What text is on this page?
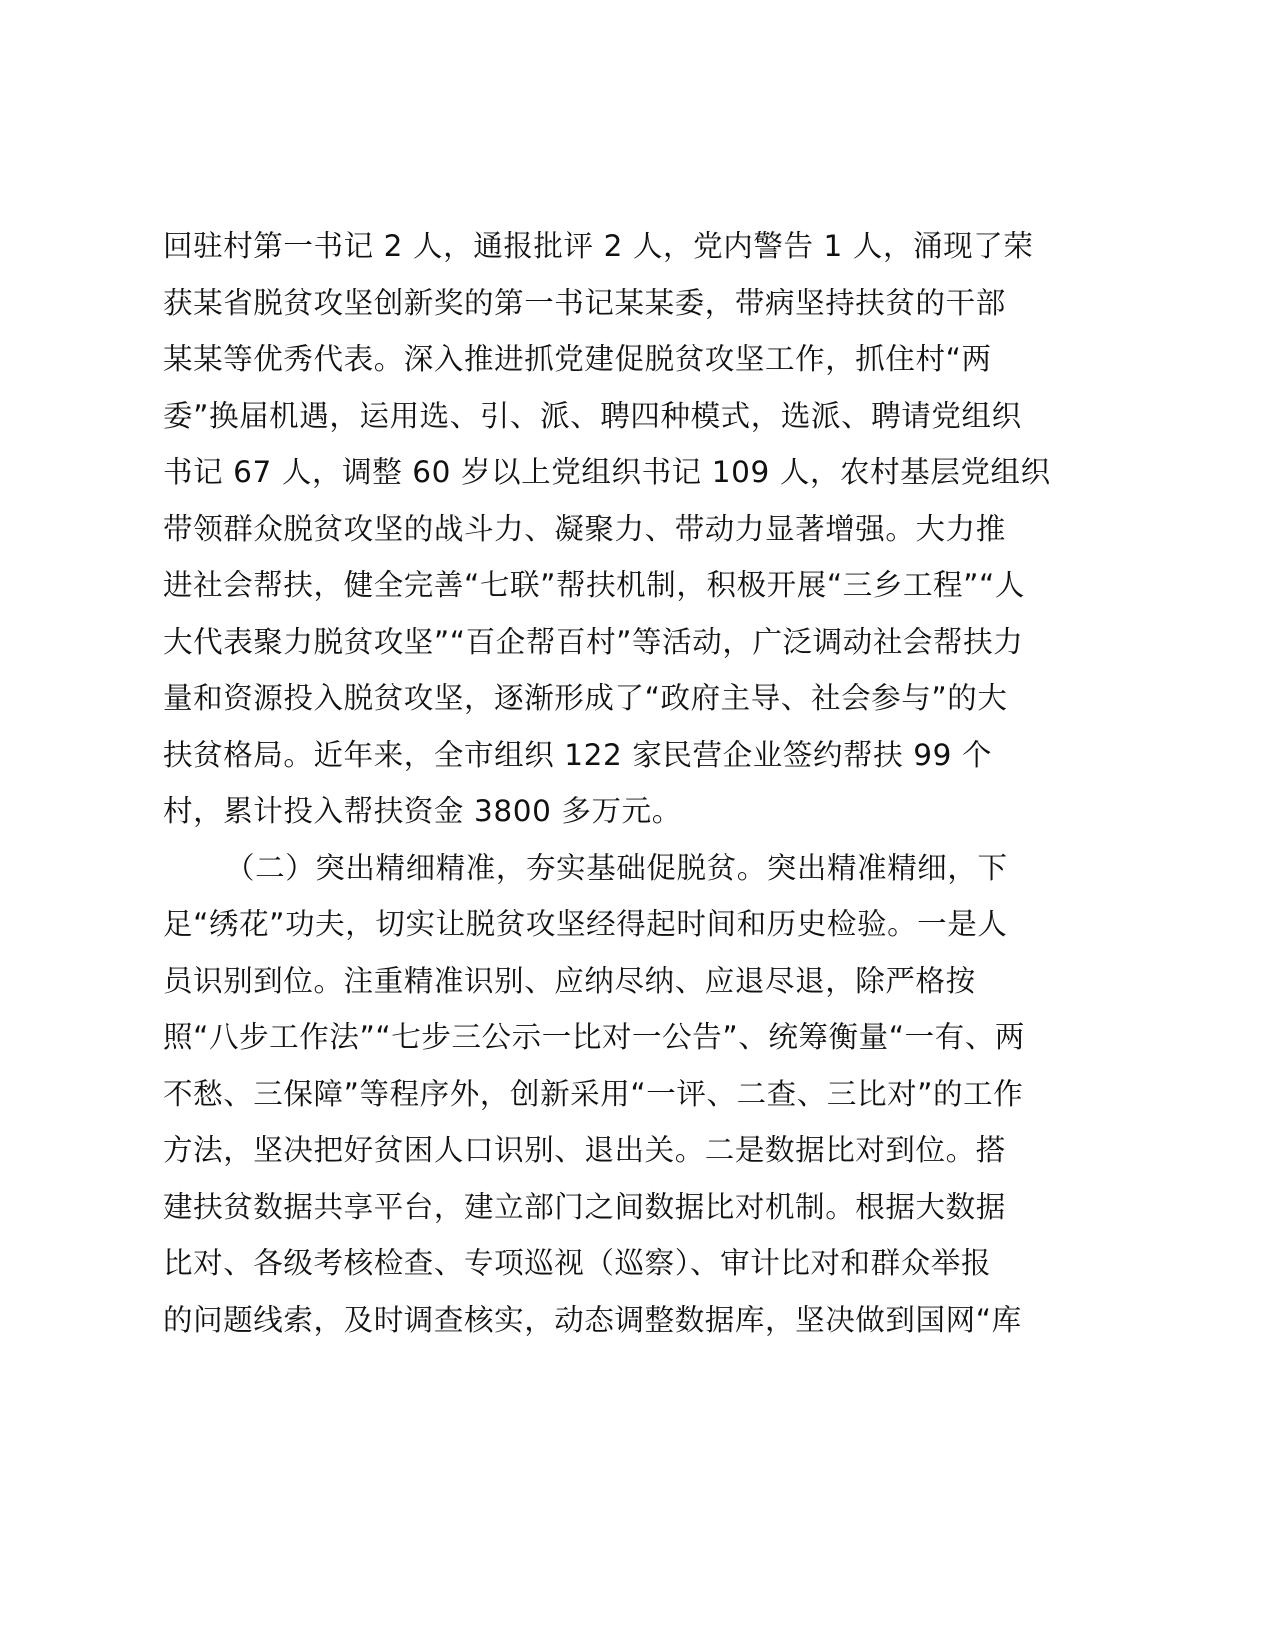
回驻村第一书记 2 人，通报批评 2 人，党内警告 1 人，涌现了荣
获某省脱贫攻坚创新奖的第一书记某某委，带病坚持扶贫的干部
某某等优秀代表。深入推进抓党建促脱贫攻坚工作，抓住村“两
委”换届机遇，运用选、引、派、聘四种模式，选派、聘请党组织
书记 67 人，调整 60 岁以上党组织书记 109 人，农村基层党组织
带领群众脱贫攻坚的战斗力、凝聚力、带动力显著增强。大力推
进社会帮扶，健全完善“七联”帮扶机制，积极开展“三乡工程”“人
大代表聚力脱贫攻坚”“百企帮百村”等活动，广泛调动社会帮扶力
量和资源投入脱贫攻坚，逐渐形成了“政府主导、社会参与”的大
扶贫格局。近年来，全市组织 122 家民营企业签约帮扶 99 个
村，累计投入帮扶资金 3800 多万元。
（二）突出精细精准，夯实基础促脱贫。突出精准精细，下
足“绣花”功夫，切实让脱贫攻坚经得起时间和历史检验。一是人
员识别到位。注重精准识别、应纳尽纳、应退尽退，除严格按
照“八步工作法”“七步三公示一比对一公告”、统筹衡量“一有、两
不愁、三保障”等程序外，创新采用“一评、二查、三比对”的工作
方法，坚决把好贫困人口识别、退出关。二是数据比对到位。搭
建扶贫数据共享平台，建立部门之间数据比对机制。根据大数据
比对、各级考核检查、专项巡视（巡察）、审计比对和群众举报
的问题线索，及时调查核实，动态调整数据库，坚决做到国网“库
